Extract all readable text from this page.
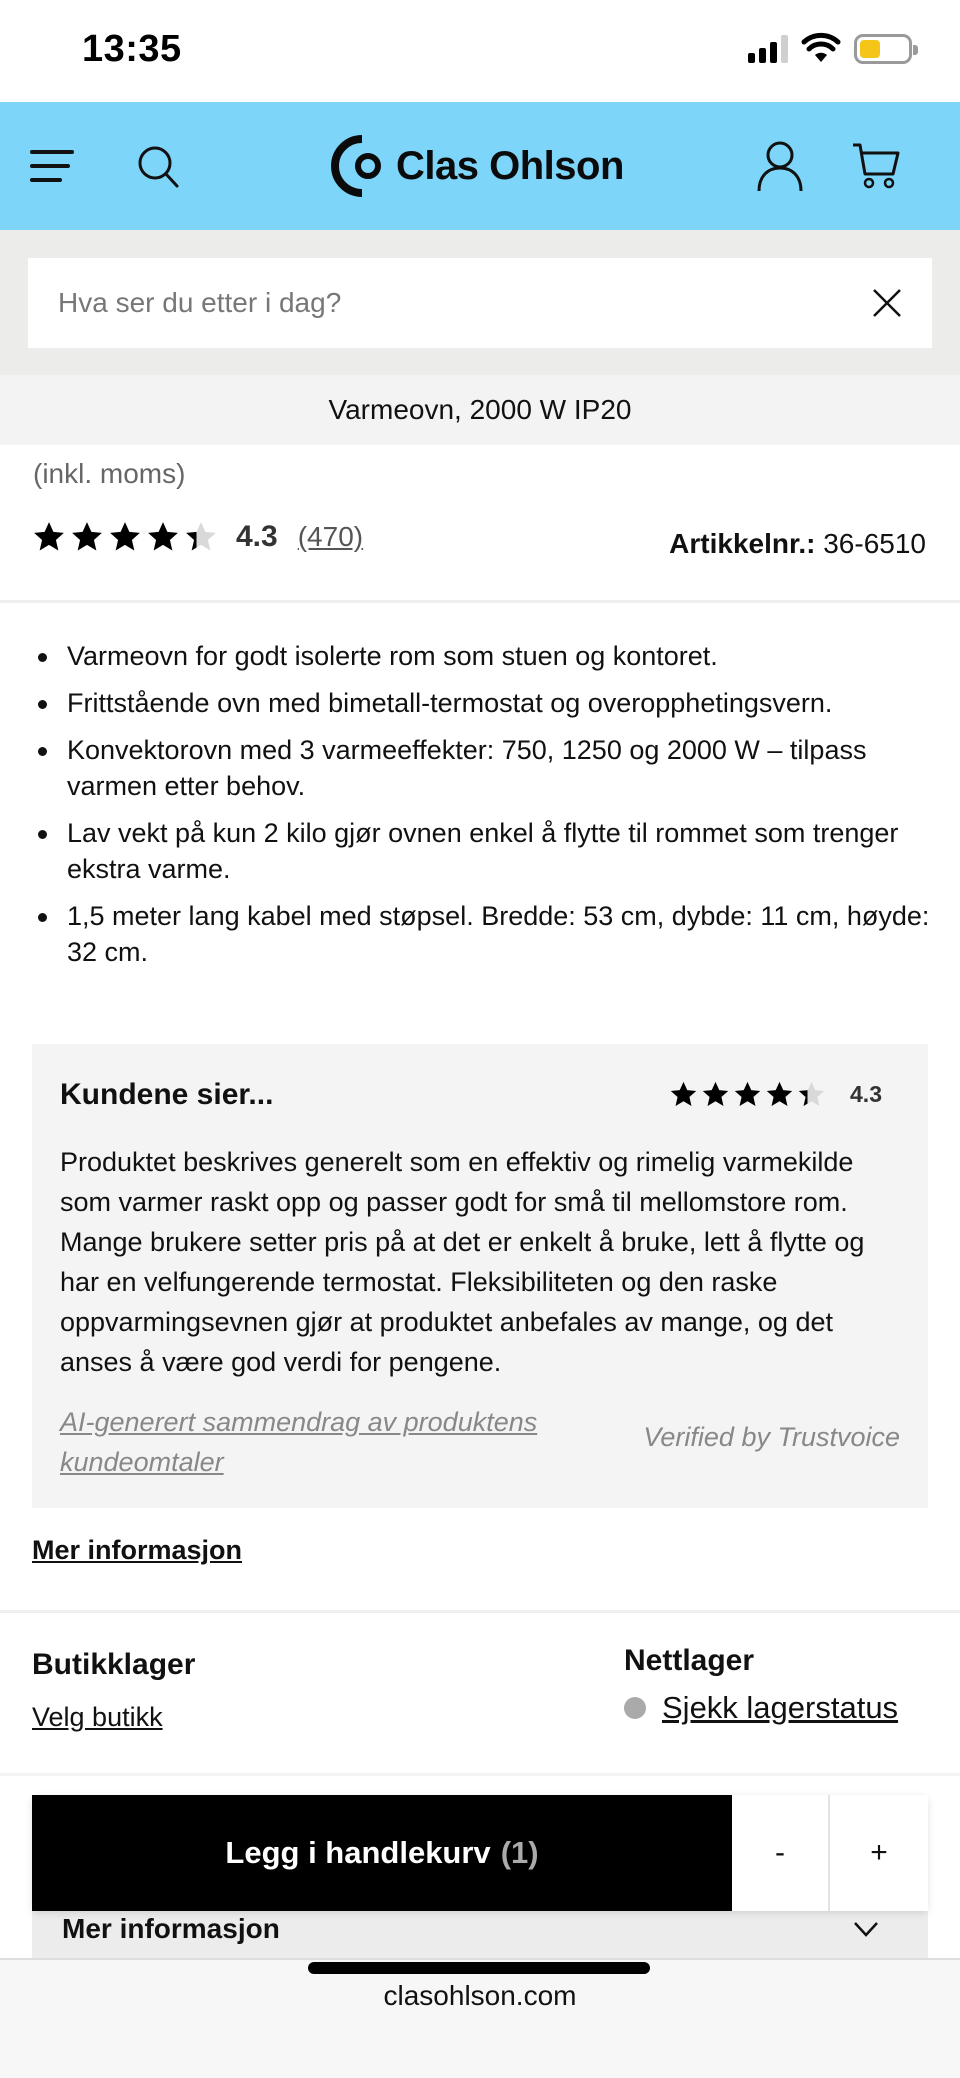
13:35
Clas Ohlson
Hva ser du etter i dag?
Varmeovn, 2000 W IP20
(inkl. moms)
4.3 (470)	Artikkelnr.: 36-6510
Varmeovn for godt isolerte rom som stuen og kontoret.
Frittstående ovn med bimetall-termostat og overopphetingsvern.
Konvektorovn med 3 varmeeffekter: 750, 1250 og 2000 W – tilpass varmen etter behov.
Lav vekt på kun 2 kilo gjør ovnen enkel å flytte til rommet som trenger ekstra varme.
1,5 meter lang kabel med støpsel. Bredde: 53 cm, dybde: 11 cm, høyde: 32 cm.
Kundene sier...	4.3

Produktet beskrives generelt som en effektiv og rimelig varmekilde som varmer raskt opp og passer godt for små til mellomstore rom. Mange brukere setter pris på at det er enkelt å bruke, lett å flytte og har en velfungerende termostat. Fleksibiliteten og den raske oppvarmingsevnen gjør at produktet anbefales av mange, og det anses å være god verdi for pengene.

AI-generert sammendrag av produktens kundeomtaler
Verified by Trustvoice
Mer informasjon
Butikklager
Velg butikk
Nettlager
Sjekk lagerstatus
Mer informasjon
Legg i handlekurv (1)	-	+
clasohlson.com
